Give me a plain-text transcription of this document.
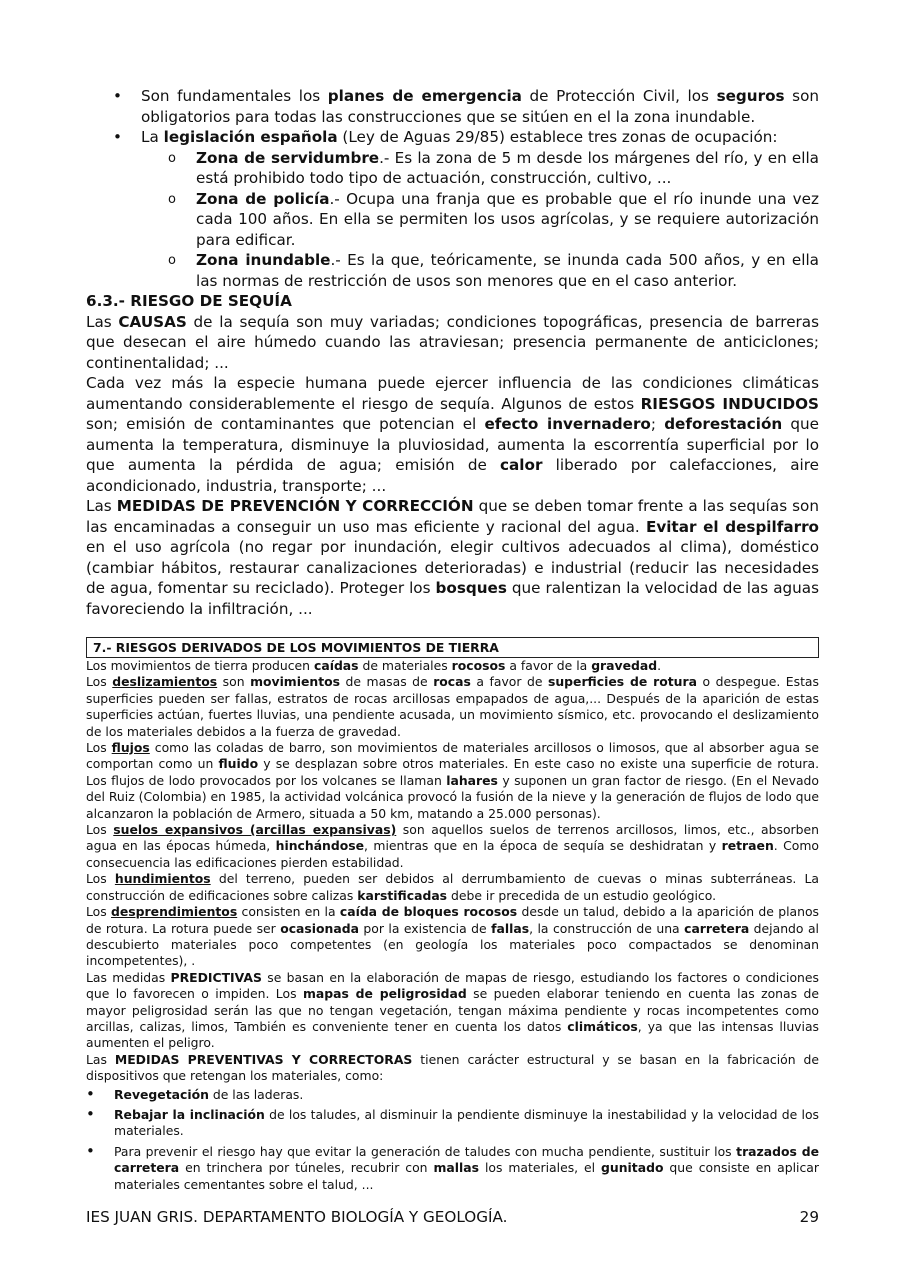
• Son fundamentales los planes de emergencia de Protección Civil, los seguros son obligatorios para todas las construcciones que se sitúen en el la zona inundable.
• La legislación española (Ley de Aguas 29/85) establece tres zonas de ocupación:
o Zona de servidumbre.- Es la zona de 5 m desde los márgenes del río, y en ella está prohibido todo tipo de actuación, construcción, cultivo, ...
o Zona de policía.- Ocupa una franja que es probable que el río inunde una vez cada 100 años. En ella se permiten los usos agrícolas, y se requiere autorización para edificar.
o Zona inundable.- Es la que, teóricamente, se inunda cada 500 años, y en ella las normas de restricción de usos son menores que en el caso anterior.
6.3.- RIESGO DE SEQUÍA

Las CAUSAS de la sequía son muy variadas; condiciones topográficas, presencia de barreras que desecan el aire húmedo cuando las atraviesan; presencia permanente de anticiclones; continentalidad; ...

Cada vez más la especie humana puede ejercer influencia de las condiciones climáticas aumentando considerablemente el riesgo de sequía. Algunos de estos RIESGOS INDUCIDOS son; emisión de contaminantes que potencian el efecto invernadero; deforestación que aumenta la temperatura, disminuye la pluviosidad, aumenta la escorrentía superficial por lo que aumenta la pérdida de agua; emisión de calor liberado por calefacciones, aire acondicionado, industria, transporte; ...

Las MEDIDAS DE PREVENCIÓN Y CORRECCIÓN que se deben tomar frente a las sequías son las encaminadas a conseguir un uso mas eficiente y racional del agua. Evitar el despilfarro en el uso agrícola (no regar por inundación, elegir cultivos adecuados al clima), doméstico (cambiar hábitos, restaurar canalizaciones deterioradas) e industrial (reducir las necesidades de agua, fomentar su reciclado). Proteger los bosques que ralentizan la velocidad de las aguas favoreciendo la infiltración, ...

7.- RIESGOS DERIVADOS DE LOS MOVIMIENTOS DE TIERRA

Los movimientos de tierra producen caídas de materiales rocosos a favor de la gravedad.

Los deslizamientos son movimientos de masas de rocas a favor de superficies de rotura o despegue. Estas superficies pueden ser fallas, estratos de rocas arcillosas empapados de agua,... Después de la aparición de estas superficies actúan, fuertes lluvias, una pendiente acusada, un movimiento sísmico, etc. provocando el deslizamiento de los materiales debidos a la fuerza de gravedad.

Los flujos como las coladas de barro, son movimientos de materiales arcillosos o limosos, que al absorber agua se comportan como un fluido y se desplazan sobre otros materiales. En este caso no existe una superficie de rotura. Los flujos de lodo provocados por los volcanes se llaman lahares y suponen un gran factor de riesgo. (En el Nevado del Ruiz (Colombia) en 1985, la actividad volcánica provocó la fusión de la nieve y la generación de flujos de lodo que alcanzaron la población de Armero, situada a 50 km, matando a 25.000 personas).

Los suelos expansivos (arcillas expansivas) son aquellos suelos de terrenos arcillosos, limos, etc., absorben agua en las épocas húmeda, hinchándose, mientras que en la época de sequía se deshidratan y retraen. Como consecuencia las edificaciones pierden estabilidad.

Los hundimientos del terreno, pueden ser debidos al derrumbamiento de cuevas o minas subterráneas. La construcción de edificaciones sobre calizas karstificadas debe ir precedida de un estudio geológico.

Los desprendimientos consisten en la caída de bloques rocosos desde un talud, debido a la aparición de planos de rotura. La rotura puede ser ocasionada por la existencia de fallas, la construcción de una carretera dejando al descubierto materiales poco competentes (en geología los materiales poco compactados se denominan incompetentes), .

Las medidas PREDICTIVAS se basan en la elaboración de mapas de riesgo, estudiando los factores o condiciones que lo favorecen o impiden. Los mapas de peligrosidad se pueden elaborar teniendo en cuenta las zonas de mayor peligrosidad serán las que no tengan vegetación, tengan máxima pendiente y rocas incompetentes como arcillas, calizas, limos, También es conveniente tener en cuenta los datos climáticos, ya que las intensas lluvias aumenten el peligro.

Las MEDIDAS PREVENTIVAS Y CORRECTORAS tienen carácter estructural y se basan en la fabricación de dispositivos que retengan los materiales, como:

• Revegetación de las laderas.
• Rebajar la inclinación de los taludes, al disminuir la pendiente disminuye la inestabilidad y la velocidad de los materiales.
• Para prevenir el riesgo hay que evitar la generación de taludes con mucha pendiente, sustituir los trazados de carretera en trinchera por túneles, recubrir con mallas los materiales, el gunitado que consiste en aplicar materiales cementantes sobre el talud, ...
IES JUAN GRIS. DEPARTAMENTO BIOLOGÍA Y GEOLOGÍA.	29
